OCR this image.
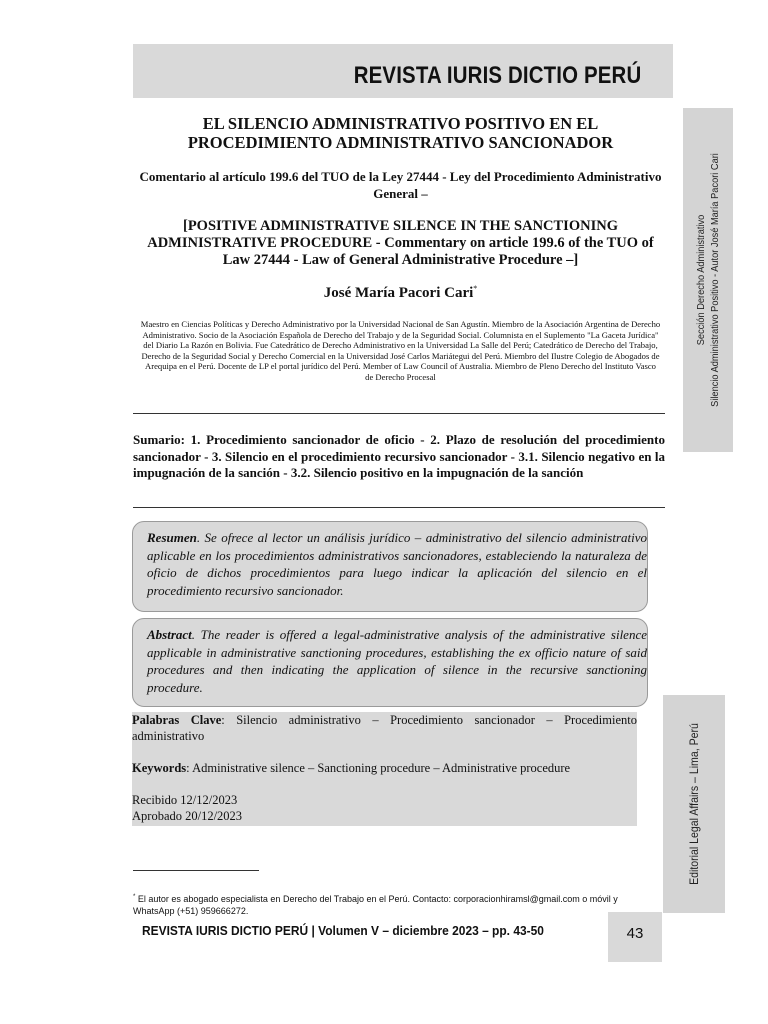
REVISTA IURIS DICTIO PERÚ
Sección Derecho Administrativo Silencio Administrativo Positivo - Autor José María Pacori Cari
EL SILENCIO ADMINISTRATIVO POSITIVO EN EL
PROCEDIMIENTO ADMINISTRATIVO SANCIONADOR
Comentario al artículo 199.6 del TUO de la Ley 27444 - Ley del Procedimiento Administrativo General –
[POSITIVE ADMINISTRATIVE SILENCE IN THE SANCTIONING ADMINISTRATIVE PROCEDURE - Commentary on article 199.6 of the TUO of Law 27444 - Law of General Administrative Procedure –]
José María Pacori Cari*
Maestro en Ciencias Políticas y Derecho Administrativo por la Universidad Nacional de San Agustín. Miembro de la Asociación Argentina de Derecho Administrativo. Socio de la Asociación Española de Derecho del Trabajo y de la Seguridad Social. Columnista en el Suplemento "La Gaceta Jurídica" del Diario La Razón en Bolivia. Fue Catedrático de Derecho Administrativo en la Universidad La Salle del Perú; Catedrático de Derecho del Trabajo, Derecho de la Seguridad Social y Derecho Comercial en la Universidad José Carlos Mariátegui del Perú. Miembro del Ilustre Colegio de Abogados de Arequipa en el Perú. Docente de LP el portal jurídico del Perú. Member of Law Council of Australia. Miembro de Pleno Derecho del Instituto Vasco de Derecho Procesal
Sumario: 1. Procedimiento sancionador de oficio - 2. Plazo de resolución del procedimiento sancionador - 3. Silencio en el procedimiento recursivo sancionador - 3.1. Silencio negativo en la impugnación de la sanción - 3.2. Silencio positivo en la impugnación de la sanción
Resumen. Se ofrece al lector un análisis jurídico – administrativo del silencio administrativo aplicable en los procedimientos administrativos sancionadores, estableciendo la naturaleza de oficio de dichos procedimientos para luego indicar la aplicación del silencio en el procedimiento recursivo sancionador.
Abstract. The reader is offered a legal-administrative analysis of the administrative silence applicable in administrative sanctioning procedures, establishing the ex officio nature of said procedures and then indicating the application of silence in the recursive sanctioning procedure.

Palabras Clave: Silencio administrativo – Procedimiento sancionador – Procedimiento administrativo

Keywords: Administrative silence – Sanctioning procedure – Administrative procedure

Recibido 12/12/2023

Aprobado 20/12/2023	Editorial Legal Affairs – Lima, Perú
* El autor es abogado especialista en Derecho del Trabajo en el Perú. Contacto: corporacionhiramsl@gmail.com o móvil y WhatsApp (+51) 959666272.
REVISTA IURIS DICTIO PERÚ | Volumen V – diciembre 2023 – pp. 43-50	43
